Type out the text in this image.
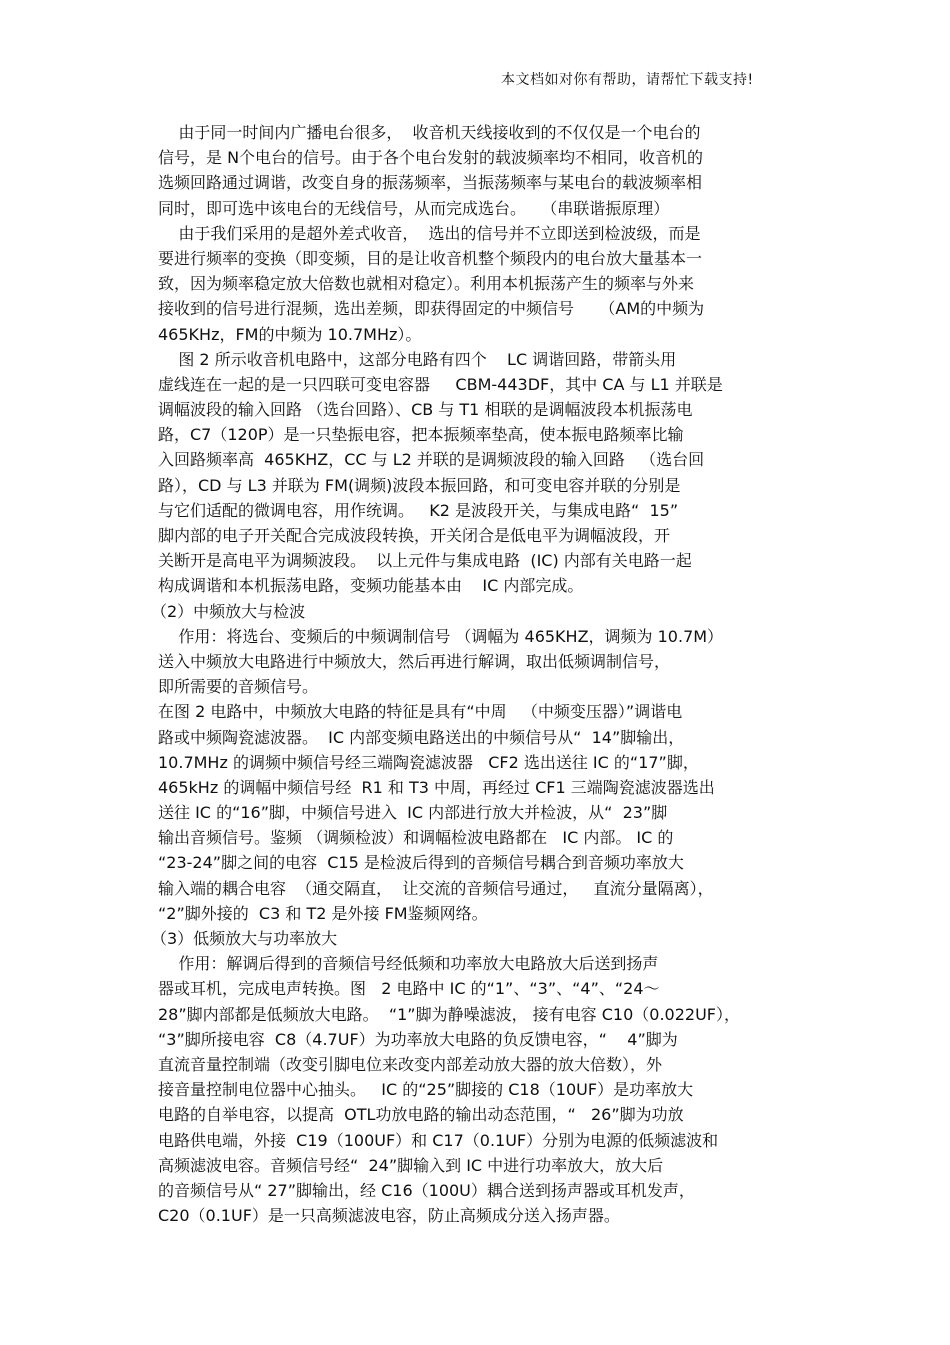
本文档如对你有帮助，请帮忙下载支持!
由于同一时间内广播电台很多，  收音机天线接收到的不仅仅是一个电台的
信号，是 N个电台的信号。由于各个电台发射的载波频率均不相同，收音机的
选频回路通过调谐，改变自身的振荡频率，当振荡频率与某电台的载波频率相
同时，即可选中该电台的无线信号，从而完成选台。   （串联谐振原理）
由于我们采用的是超外差式收音，  选出的信号并不立即送到检波级，而是
要进行频率的变换（即变频，目的是让收音机整个频段内的电台放大量基本一
致，因为频率稳定放大倍数也就相对稳定）。利用本机振荡产生的频率与外来
接收到的信号进行混频，选出差频，即获得固定的中频信号     （AM的中频为
465KHz，FM的中频为 10.7MHz）。
图 2 所示收音机电路中，这部分电路有四个    LC 调谐回路，带箭头用
虚线连在一起的是一只四联可变电容器     CBM-443DF，其中 CA 与 L1 并联是
调幅波段的输入回路 （选台回路）、CB 与 T1 相联的是调幅波段本机振荡电
路，C7（120P）是一只垫振电容，把本振频率垫高，使本振电路频率比输
入回路频率高  465KHZ，CC 与 L2 并联的是调频波段的输入回路   （选台回
路），CD 与 L3 并联为 FM(调频)波段本振回路，和可变电容并联的分别是
与它们适配的微调电容，用作统调。   K2 是波段开关，与集成电路“  15”
脚内部的电子开关配合完成波段转换，开关闭合是低电平为调幅波段，开
关断开是高电平为调频波段。  以上元件与集成电路  (IC) 内部有关电路一起
构成调谐和本机振荡电路，变频功能基本由    IC 内部完成。
（2）中频放大与检波
作用：将选台、变频后的中频调制信号 （调幅为 465KHZ，调频为 10.7M）
送入中频放大电路进行中频放大，然后再进行解调，取出低频调制信号，
即所需要的音频信号。
在图 2 电路中，中频放大电路的特征是具有“中周   （中频变压器）”调谐电
路或中频陶瓷滤波器。  IC 内部变频电路送出的中频信号从“  14”脚输出，
10.7MHz 的调频中频信号经三端陶瓷滤波器   CF2 选出送往 IC 的“17”脚，
465kHz 的调幅中频信号经  R1 和 T3 中周，再经过 CF1 三端陶瓷滤波器选出
送往 IC 的“16”脚，中频信号进入  IC 内部进行放大并检波，从“  23”脚
输出音频信号。鉴频 （调频检波）和调幅检波电路都在   IC 内部。 IC 的
“23-24”脚之间的电容  C15 是检波后得到的音频信号耦合到音频功率放大
输入端的耦合电容  （通交隔直，  让交流的音频信号通过，   直流分量隔离），
“2”脚外接的  C3 和 T2 是外接 FM鉴频网络。
（3）低频放大与功率放大
作用：解调后得到的音频信号经低频和功率放大电路放大后送到扬声
器或耳机，完成电声转换。图   2 电路中 IC 的“1”、“3”、“4”、“24～
28”脚内部都是低频放大电路。  “1”脚为静噪滤波， 接有电容 C10（0.022UF），
“3”脚所接电容  C8（4.7UF）为功率放大电路的负反馈电容，“    4”脚为
直流音量控制端（改变引脚电位来改变内部差动放大器的放大倍数），外
接音量控制电位器中心抽头。   IC 的“25”脚接的 C18（10UF）是功率放大
电路的自举电容，以提高  OTL功放电路的输出动态范围，“   26”脚为功放
电路供电端，外接  C19（100UF）和 C17（0.1UF）分别为电源的低频滤波和
高频滤波电容。音频信号经“  24”脚输入到 IC 中进行功率放大，放大后
的音频信号从“ 27”脚输出，经 C16（100U）耦合送到扬声器或耳机发声，
C20（0.1UF）是一只高频滤波电容，防止高频成分送入扬声器。
